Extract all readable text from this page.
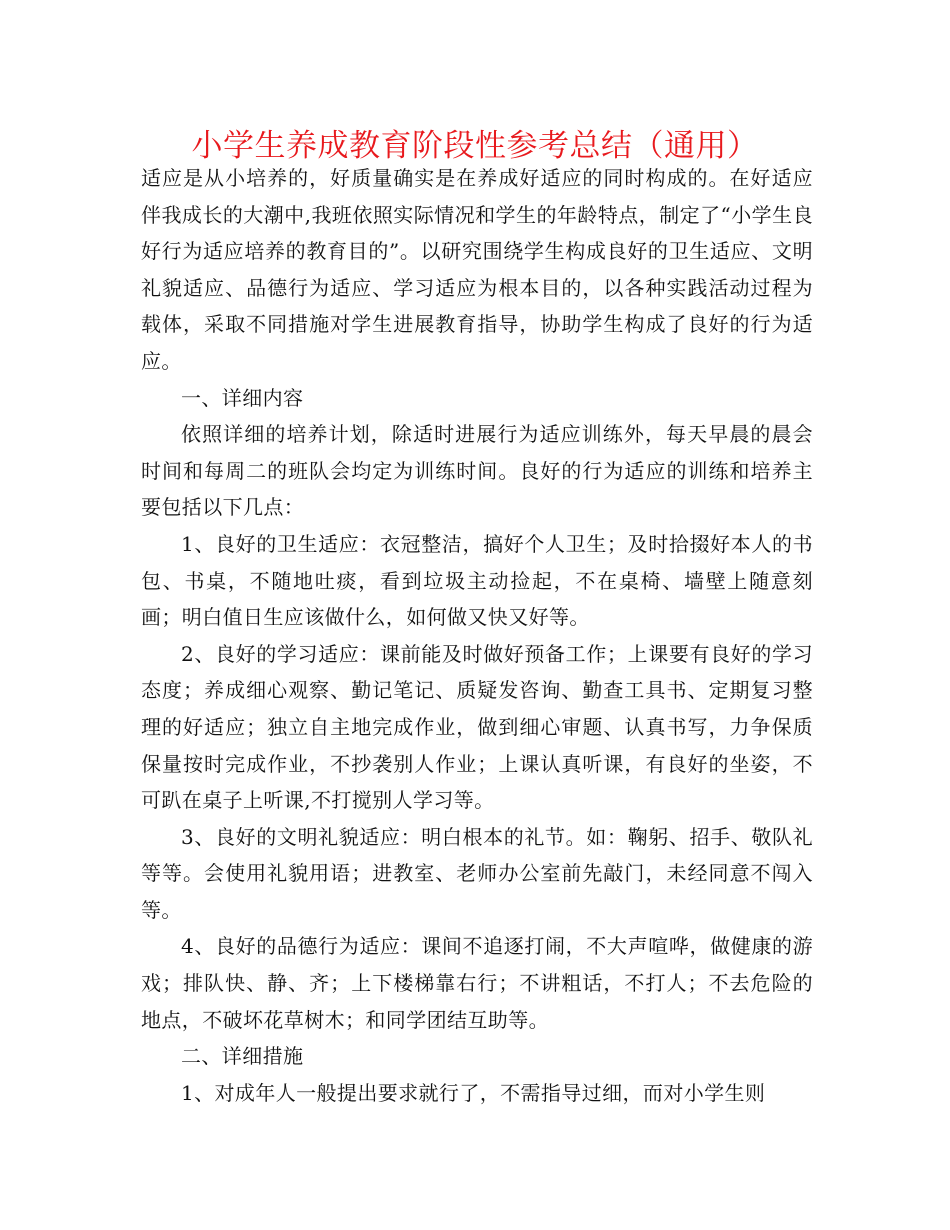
小学生养成教育阶段性参考总结（通用）

适应是从小培养的，好质量确实是在养成好适应的同时构成的。在好适应伴我成长的大潮中,我班依照实际情况和学生的年龄特点，制定了“小学生良好行为适应培养的教育目的”。以研究围绕学生构成良好的卫生适应、文明礼貌适应、品德行为适应、学习适应为根本目的，以各种实践活动过程为载体，采取不同措施对学生进展教育指导，协助学生构成了良好的行为适应。

一、详细内容

依照详细的培养计划，除适时进展行为适应训练外，每天早晨的晨会时间和每周二的班队会均定为训练时间。良好的行为适应的训练和培养主要包括以下几点：

1、良好的卫生适应：衣冠整洁，搞好个人卫生；及时拾掇好本人的书包、书桌，不随地吐痰，看到垃圾主动捡起，不在桌椅、墙壁上随意刻画；明白值日生应该做什么，如何做又快又好等。

2、良好的学习适应：课前能及时做好预备工作；上课要有良好的学习态度；养成细心观察、勤记笔记、质疑发咨询、勤查工具书、定期复习整理的好适应；独立自主地完成作业，做到细心审题、认真书写，力争保质保量按时完成作业，不抄袭别人作业；上课认真听课，有良好的坐姿，不可趴在桌子上听课,不打搅别人学习等。

3、良好的文明礼貌适应：明白根本的礼节。如：鞠躬、招手、敬队礼等等。会使用礼貌用语；进教室、老师办公室前先敲门，未经同意不闯入等。

4、良好的品德行为适应：课间不追逐打闹，不大声喧哗，做健康的游戏；排队快、静、齐；上下楼梯靠右行；不讲粗话，不打人；不去危险的地点，不破坏花草树木；和同学团结互助等。

二、详细措施

1、对成年人一般提出要求就行了，不需指导过细，而对小学生则
